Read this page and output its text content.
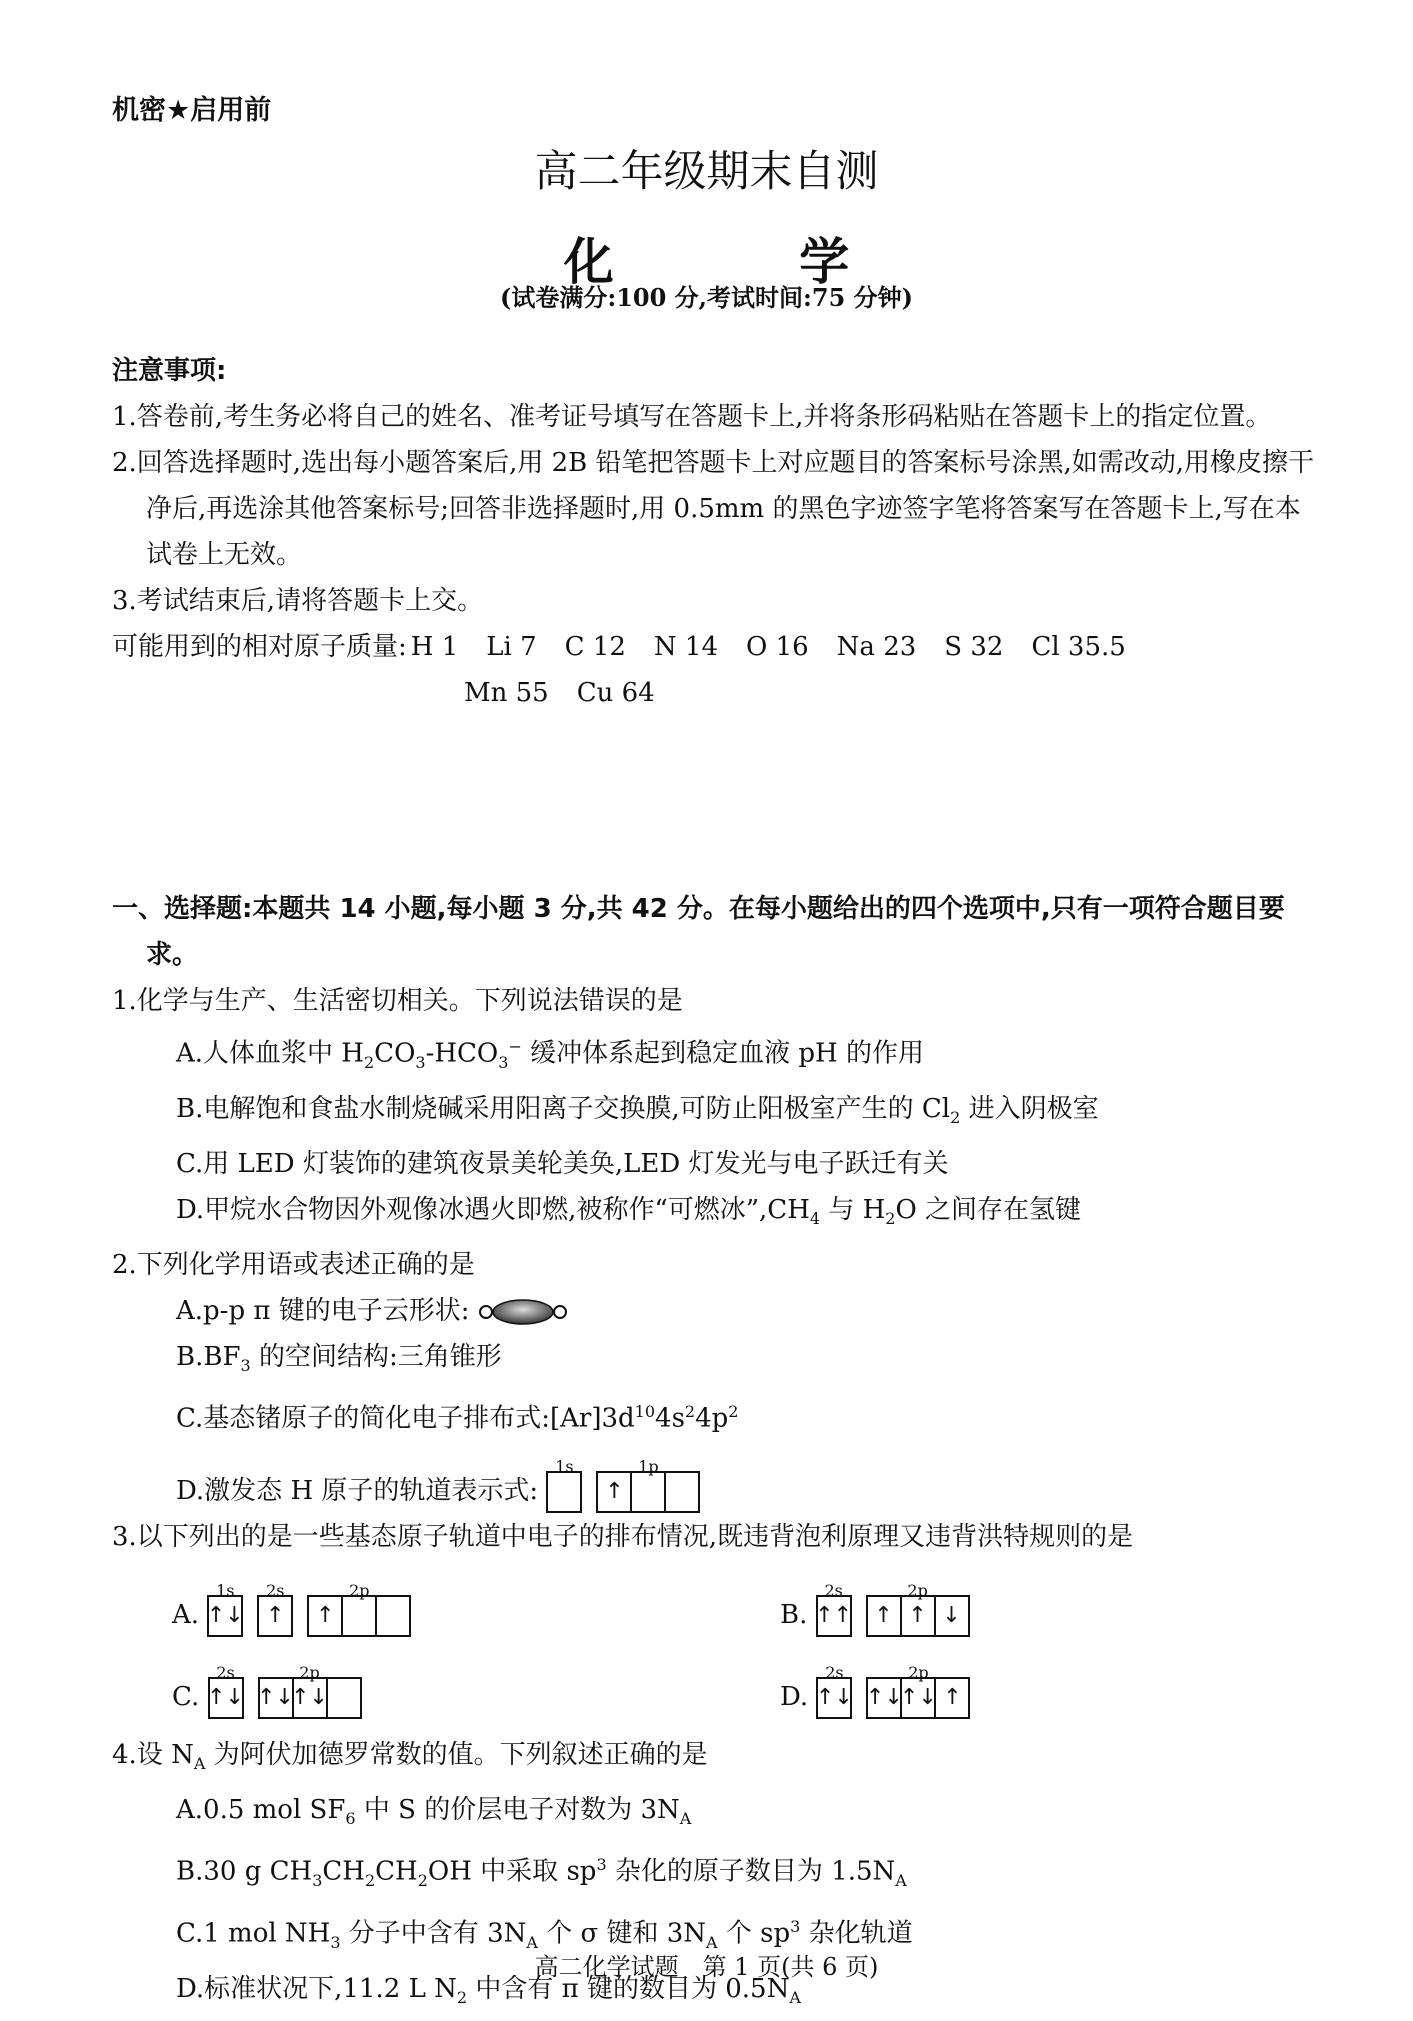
机密★启用前
高二年级期末自测
化 学
(试卷满分:100 分,考试时间:75 分钟)
注意事项:
1.答卷前,考生务必将自己的姓名、准考证号填写在答题卡上,并将条形码粘贴在答题卡上的指定位置。
2.回答选择题时,选出每小题答案后,用 2B 铅笔把答题卡上对应题目的答案标号涂黑,如需改动,用橡皮擦干净后,再选涂其他答案标号;回答非选择题时,用 0.5mm 的黑色字迹签字笔将答案写在答题卡上,写在本试卷上无效。
3.考试结束后,请将答题卡上交。
可能用到的相对原子质量: H 1 Li 7 C 12 N 14 O 16 Na 23 S 32 Cl 35.5
Mn 55 Cu 64
一、选择题:本题共 14 小题,每小题 3 分,共 42 分。在每小题给出的四个选项中,只有一项符合题目要求。
1.化学与生产、生活密切相关。下列说法错误的是
A.人体血浆中 $H_2CO_3-HCO_3^-$ 缓冲体系起到稳定血液 pH 的作用
B.电解饱和食盐水制烧碱采用阳离子交换膜,可防止阳极室产生的 $Cl_2$ 进入阴极室
C.用 LED 灯装饰的建筑夜景美轮美奂,LED 灯发光与电子跃迁有关
D.甲烷水合物因外观像冰遇火即燃,被称作“可燃冰$”,CH_4$ 与 $H_2O$ 之间存在氢键
2.下列化学用语或表述正确的是
A.p-p π 键的电子云形状:
$B.BF_3$ 的空间结构:三角锥形
C.基态锗原子的简化电子排布式$:[Ar]3d^{10}4s^24p^2$
D.激发态 H 原子的轨道表示式:
1s	1p
↑
3.以下列出的是一些基态原子轨道中电子的排布情况,既违背泡利原理又违背洪特规则的是
A.
1s
↑↓
2s
↑
2p
↑	B.
2s
↑↑
2p
↑ ↑ ↓
C.
2s
↑↓
2p
↑↓
↑↓	D.
2s
↑↓
2p
↑↓
↑↓ ↑
4.设 $N_A$ 为阿伏加德罗常数的值。下列叙述正确的是
A.0.5 mol $SF_6$ 中 S 的价层电子对数为 $3N_A$
B.30 g $CH_3CH_2CH_2OH$ 中采取 $sp^3$ 杂化的原子数目为 $1.5N_A$
C.1 mol $NH_3$ 分子中含有 $3N_A$ 个 σ 键和 $3N_A$ 个 $sp^3$ 杂化轨道
D.标准状况下,11.2 L $N_2$ 中含有 π 键的数目为 $0.5N_A$
高二化学试题　第 1 页(共 6 页)
